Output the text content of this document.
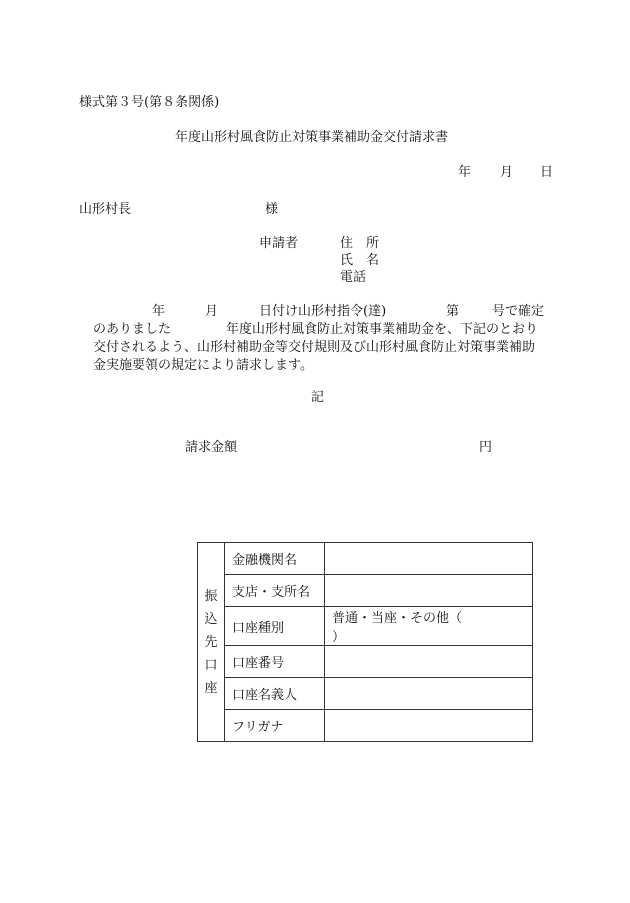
様式第３号(第８条関係)
年度山形村風食防止対策事業補助金交付請求書
年 月 日
山形村長	様
申請者	住　所
氏　名
電話
年	月	日付け山形村指令(達)	第	号で確定
のありました	年度山形村風食防止対策事業補助金を、下記のとおり
交付されるよう、山形村補助金等交付規則及び山形村風食防止対策事業補助
金実施要領の規定により請求します。
記
請求金額	円
振
込
先
口
座	金融機関名	
	支店・支所名	
	口座種別	普通・当座・その他（）
	口座番号	
	口座名義人	
	フリガナ	
